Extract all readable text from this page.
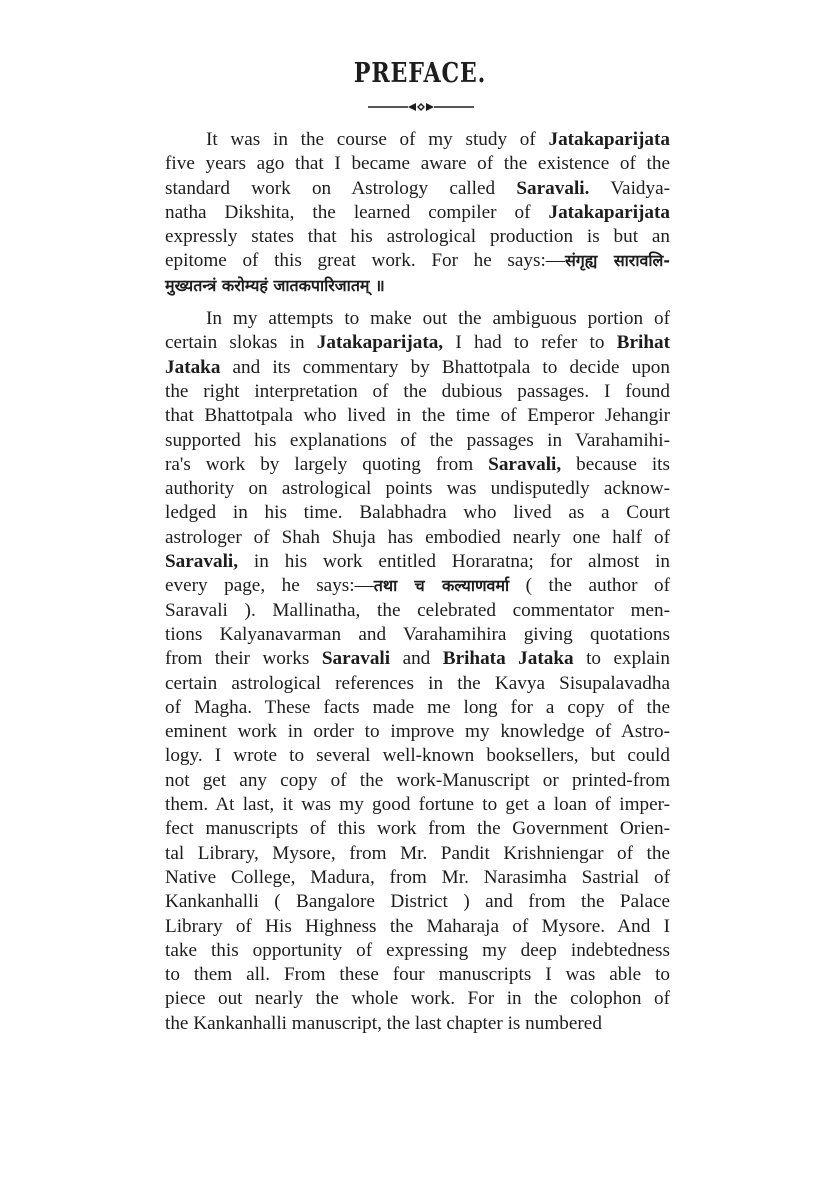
PREFACE.

It was in the course of my study of Jatakaparijata
five years ago that I became aware of the existence of the
standard work on Astrology called Saravali. Vaidya-
natha Dikshita, the learned compiler of Jatakaparijata
expressly states that his astrological production is but an
epitome of this great work. For he says:—संगृह्य सारावलि-
मुख्यतन्त्रं करोम्यहं जातकपारिजातम् ॥

In my attempts to make out the ambiguous portion of
certain slokas in Jatakaparijata, I had to refer to Brihat
Jataka and its commentary by Bhattotpala to decide upon
the right interpretation of the dubious passages. I found
that Bhattotpala who lived in the time of Emperor Jehangir
supported his explanations of the passages in Varahamihi-
ra's work by largely quoting from Saravali, because its
authority on astrological points was undisputedly acknow-
ledged in his time. Balabhadra who lived as a Court
astrologer of Shah Shuja has embodied nearly one half of
Saravali, in his work entitled Horaratna; for almost in
every page, he says:—तथा च कल्याणवर्मा ( the author of
Saravali ). Mallinatha, the celebrated commentator men-
tions Kalyanavarman and Varahamihira giving quotations
from their works Saravali and Brihata Jataka to explain
certain astrological references in the Kavya Sisupalavadha
of Magha. These facts made me long for a copy of the
eminent work in order to improve my knowledge of Astro-
logy. I wrote to several well-known booksellers, but could
not get any copy of the work-Manuscript or printed-from
them. At last, it was my good fortune to get a loan of imper-
fect manuscripts of this work from the Government Orien-
tal Library, Mysore, from Mr. Pandit Krishniengar of the
Native College, Madura, from Mr. Narasimha Sastrial of
Kankanhalli ( Bangalore District ) and from the Palace
Library of His Highness the Maharaja of Mysore. And I
take this opportunity of expressing my deep indebtedness
to them all. From these four manuscripts I was able to
piece out nearly the whole work. For in the colophon of
the Kankanhalli manuscript, the last chapter is numbered
